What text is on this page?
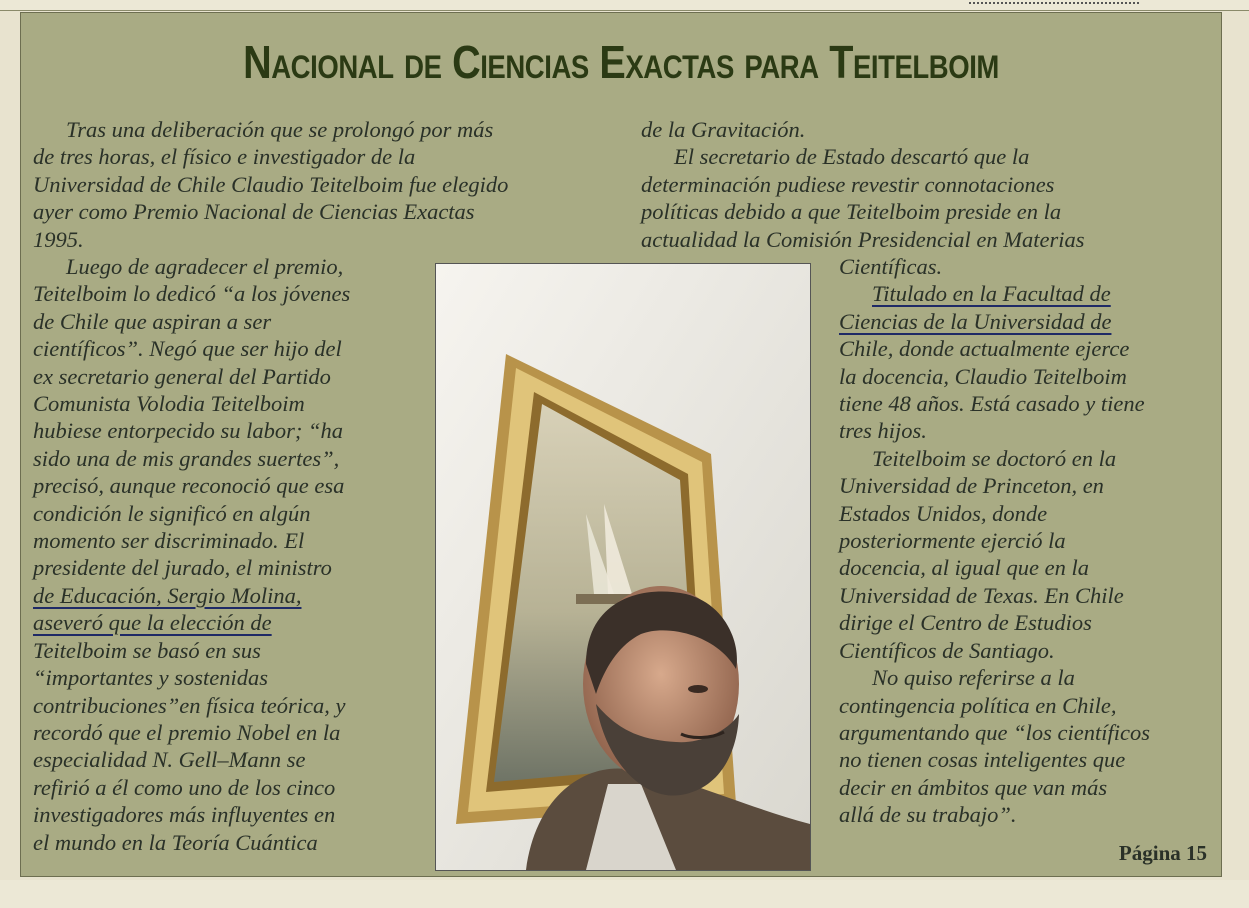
Nacional de Ciencias Exactas para Teitelboim
Tras una deliberación que se prolongó por más
de tres horas, el físico e investigador de la
Universidad de Chile Claudio Teitelboim fue elegido
ayer como Premio Nacional de Ciencias Exactas
1995.
Luego de agradecer el premio,
Teitelboim lo dedicó “a los jóvenes
de Chile que aspiran a ser
científicos”. Negó que ser hijo del
ex secretario general del Partido
Comunista Volodia Teitelboim
hubiese entorpecido su labor; “ha
sido una de mis grandes suertes”,
precisó, aunque reconoció que esa
condición le significó en algún
momento ser discriminado. El
presidente del jurado, el ministro
de Educación, Sergio Molina,
aseveró que la elección de
Teitelboim se basó en sus
“importantes y sostenidas
contribuciones”en física teórica, y
recordó que el premio Nobel en la
especialidad N. Gell–Mann se
refirió a él como uno de los cinco
investigadores más influyentes en
el mundo en la Teoría Cuántica
de la Gravitación.
El secretario de Estado descartó que la
determinación pudiese revestir connotaciones
políticas debido a que Teitelboim preside en la
actualidad la Comisión Presidencial en Materias
Científicas.
Titulado en la Facultad de
Ciencias de la Universidad de
Chile, donde actualmente ejerce
la docencia, Claudio Teitelboim
tiene 48 años. Está casado y tiene
tres hijos.
Teitelboim se doctoró en la
Universidad de Princeton, en
Estados Unidos, donde
posteriormente ejerció la
docencia, al igual que en la
Universidad de Texas. En Chile
dirige el Centro de Estudios
Científicos de Santiago.
No quiso referirse a la
contingencia política en Chile,
argumentando que “los científicos
no tienen cosas inteligentes que
decir en ámbitos que van más
allá de su trabajo”.
Página 15
